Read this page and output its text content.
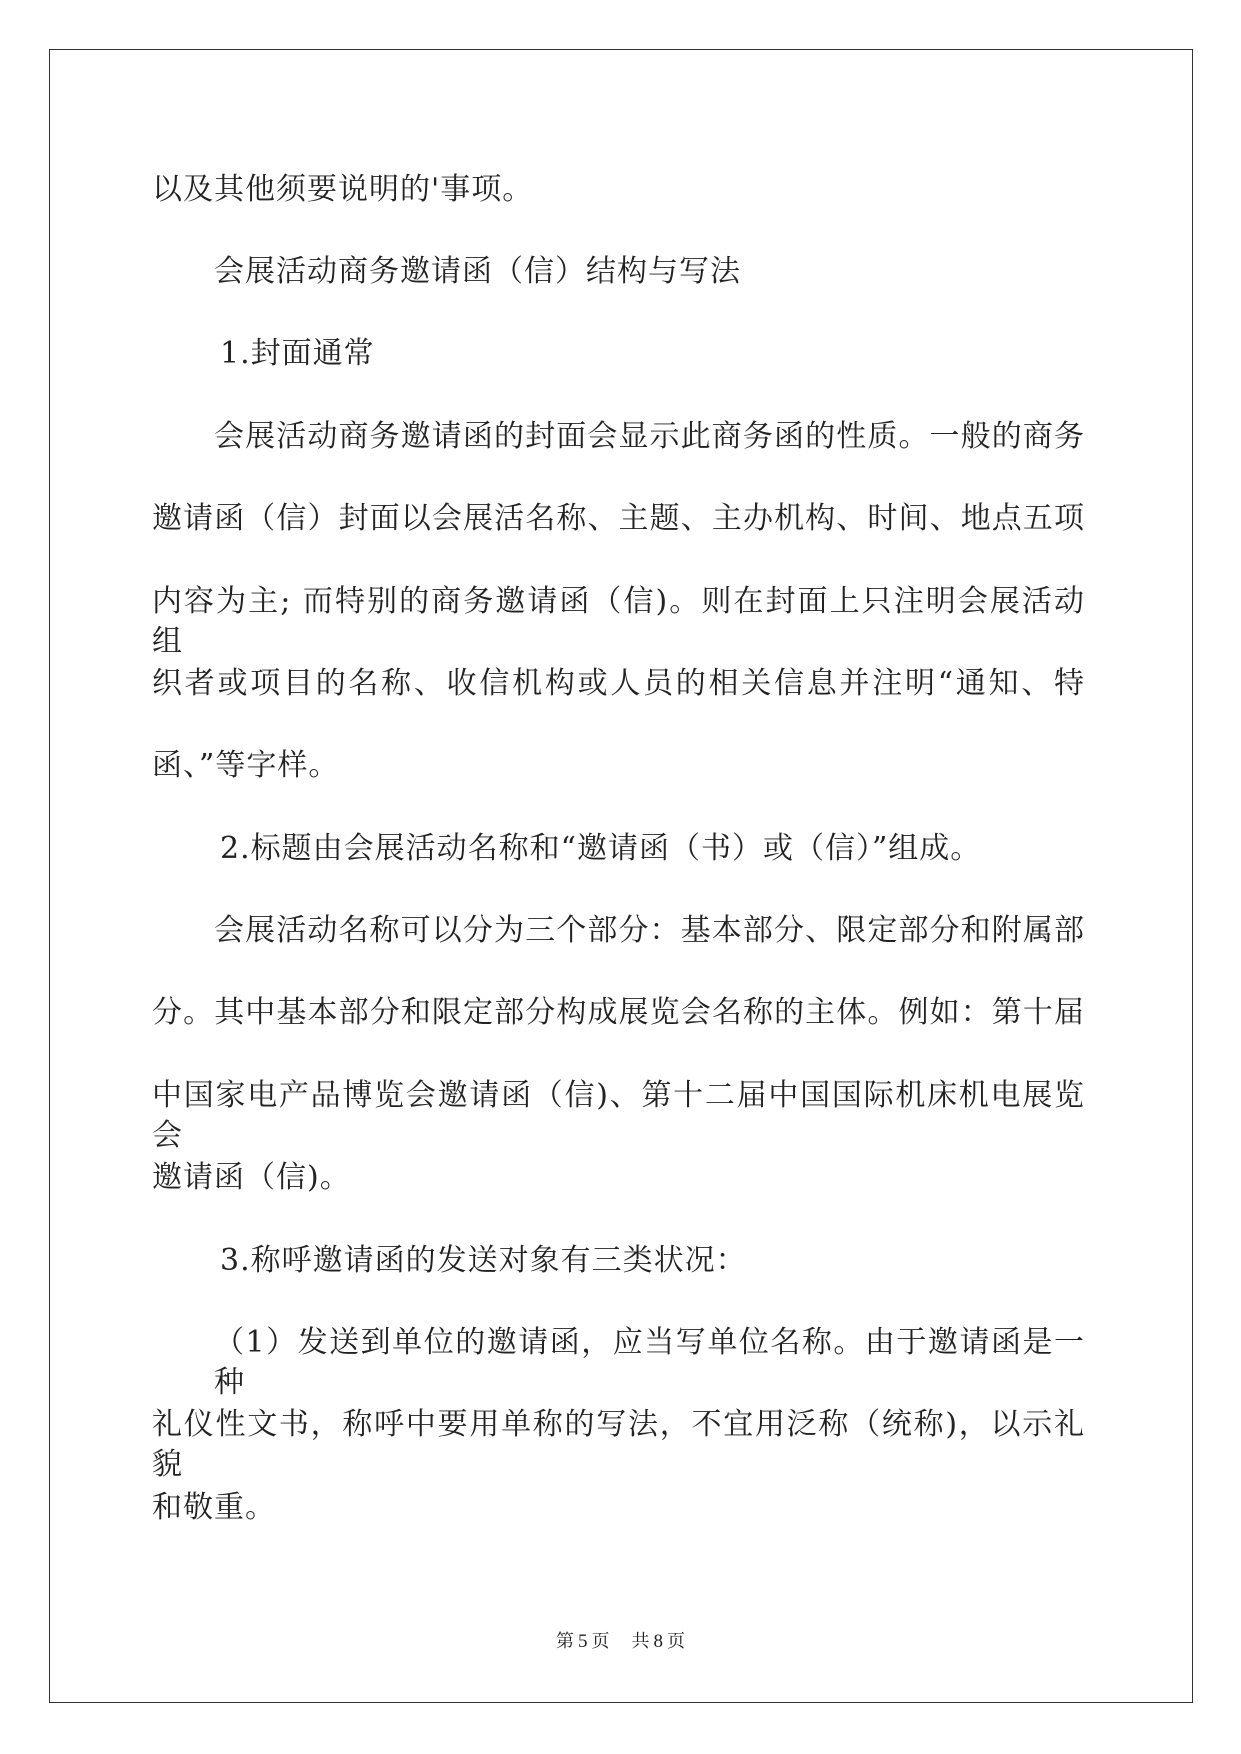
以及其他须要说明的'事项。
会展活动商务邀请函（信）结构与写法
1.封面通常
会展活动商务邀请函的封面会显示此商务函的性质。一般的商务
邀请函（信）封面以会展活名称、主题、主办机构、时间、地点五项
内容为主; 而特别的商务邀请函（信)。则在封面上只注明会展活动组
织者或项目的名称、收信机构或人员的相关信息并注明“通知、特
函、”等字样。
2.标题由会展活动名称和“邀请函（书）或（信）”组成。
会展活动名称可以分为三个部分：基本部分、限定部分和附属部
分。其中基本部分和限定部分构成展览会名称的主体。例如：第十届
中国家电产品博览会邀请函（信)、第十二届中国国际机床机电展览会
邀请函（信)。
3.称呼邀请函的发送对象有三类状况：
（1）发送到单位的邀请函，应当写单位名称。由于邀请函是一种
礼仪性文书，称呼中要用单称的写法，不宜用泛称（统称)，以示礼貌
和敬重。
第 5 页 共 8 页
